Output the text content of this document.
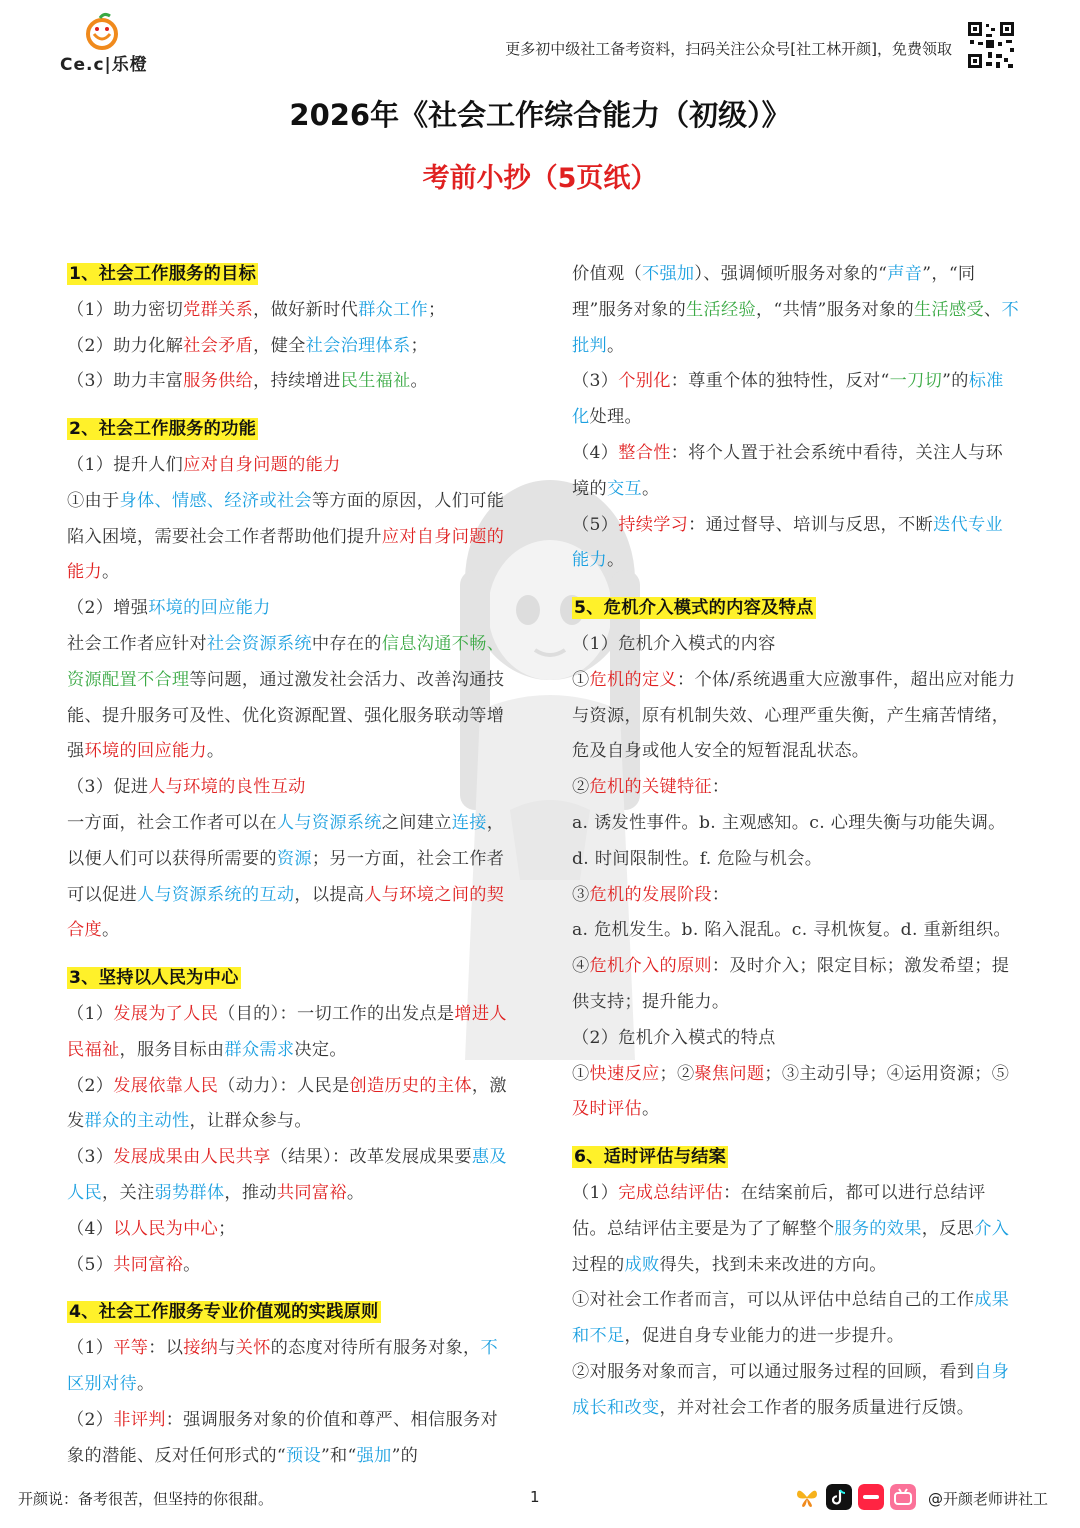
Ce.c|乐橙
更多初中级社工备考资料，扫码关注公众号[社工林开颜]，免费领取
2026年《社会工作综合能力（初级）》
考前小抄（5页纸）

1、社会工作服务的目标

（1）助力密切党群关系，做好新时代群众工作；

（2）助力化解社会矛盾，健全社会治理体系；

（3）助力丰富服务供给，持续增进民生福祉。

2、社会工作服务的功能

（1）提升人们应对自身问题的能力

①由于身体、情感、经济或社会等方面的原因，人们可能陷入困境，需要社会工作者帮助他们提升应对自身问题的能力。

（2）增强环境的回应能力

社会工作者应针对社会资源系统中存在的信息沟通不畅、资源配置不合理等问题，通过激发社会活力、改善沟通技能、提升服务可及性、优化资源配置、强化服务联动等增强环境的回应能力。

（3）促进人与环境的良性互动

一方面，社会工作者可以在人与资源系统之间建立连接，以便人们可以获得所需要的资源；另一方面，社会工作者可以促进人与资源系统的互动，以提高人与环境之间的契合度。

3、坚持以人民为中心

（1）发展为了人民（目的）：一切工作的出发点是增进人民福祉，服务目标由群众需求决定。

（2）发展依靠人民（动力）：人民是创造历史的主体，激发群众的主动性，让群众参与。

（3）发展成果由人民共享（结果）：改革发展成果要惠及人民，关注弱势群体，推动共同富裕。

（4）以人民为中心；

（5）共同富裕。

4、社会工作服务专业价值观的实践原则

（1）平等：以接纳与关怀的态度对待所有服务对象，不区别对待。

（2）非评判：强调服务对象的价值和尊严、相信服务对象的潜能、反对任何形式的“预设”和“强加”的

价值观（不强加）、强调倾听服务对象的“声音”，“同理”服务对象的生活经验，“共情”服务对象的生活感受、不批判。

（3）个别化：尊重个体的独特性，反对“一刀切”的标准化处理。

（4）整合性：将个人置于社会系统中看待，关注人与环境的交互。

（5）持续学习：通过督导、培训与反思，不断迭代专业能力。

5、危机介入模式的内容及特点

（1）危机介入模式的内容

①危机的定义：个体/系统遇重大应激事件，超出应对能力与资源，原有机制失效、心理严重失衡，产生痛苦情绪，危及自身或他人安全的短暂混乱状态。

②危机的关键特征：

a. 诱发性事件。b. 主观感知。c. 心理失衡与功能失调。d. 时间限制性。f. 危险与机会。

③危机的发展阶段：

a. 危机发生。b. 陷入混乱。c. 寻机恢复。d. 重新组织。

④危机介入的原则：及时介入；限定目标；激发希望；提供支持；提升能力。

（2）危机介入模式的特点

①快速反应；②聚焦问题；③主动引导；④运用资源；⑤及时评估。

6、适时评估与结案

（1）完成总结评估：在结案前后，都可以进行总结评估。总结评估主要是为了了解整个服务的效果，反思介入过程的成败得失，找到未来改进的方向。

①对社会工作者而言，可以从评估中总结自己的工作成果和不足，促进自身专业能力的进一步提升。

②对服务对象而言，可以通过服务过程的回顾，看到自身成长和改变，并对社会工作者的服务质量进行反馈。

开颜说：备考很苦，但坚持的你很甜。	1	@开颜老师讲社工
